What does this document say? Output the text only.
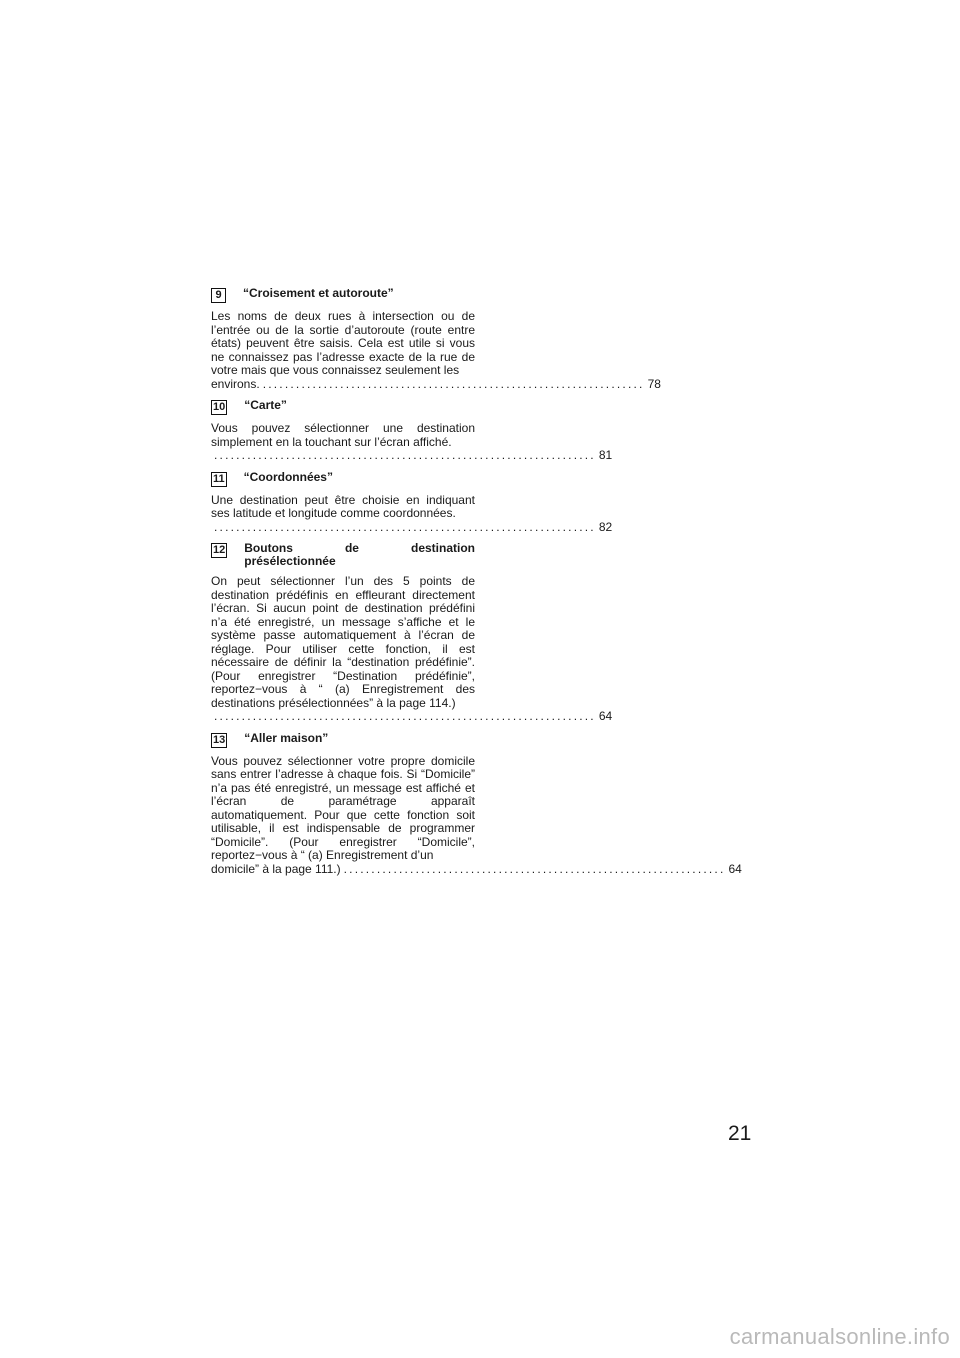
9	“Croisement et autoroute”

Les noms de deux rues à intersection ou de l’entrée ou de la sortie d’autoroute (route entre états) peuvent être saisis. Cela est utile si vous ne connaissez pas l’adresse exacte de la rue de votre mais que vous connaissez seulement les

environs. ..................................................................... 78
10 “Carte”

Vous pouvez sélectionner une destination simplement en la touchant sur l’écran affiché.

..................................................................... 81
11 “Coordonnées”

Une destination peut être choisie en indiquant ses latitude et longitude comme coordonnées.

..................................................................... 82
12 Boutons	de	destination
présélectionnée

On peut sélectionner l’un des 5 points de destination prédéfinis en effleurant directement l’écran. Si aucun point de destination prédéfini n’a été enregistré, un message s’affiche et le système passe automatiquement à l’écran de réglage. Pour utiliser cette fonction, il est nécessaire de définir la “destination prédéfinie”. (Pour enregistrer “Destination prédéfinie”, reportez−vous à “ (a) Enregistrement des destinations présélectionnées” à la page 114.)

..................................................................... 64
13 “Aller maison”

Vous pouvez sélectionner votre propre domicile sans entrer l’adresse à chaque fois. Si “Domicile” n’a pas été enregistré, un message est affiché et l’écran de paramétrage apparaît automatiquement. Pour que cette fonction soit utilisable, il est indispensable de programmer “Domicile”. (Pour enregistrer “Domicile”, reportez−vous à “ (a) Enregistrement d’un

domicile” à la page 111.) ..................................................................... 64
21
carmanualsonline.info
